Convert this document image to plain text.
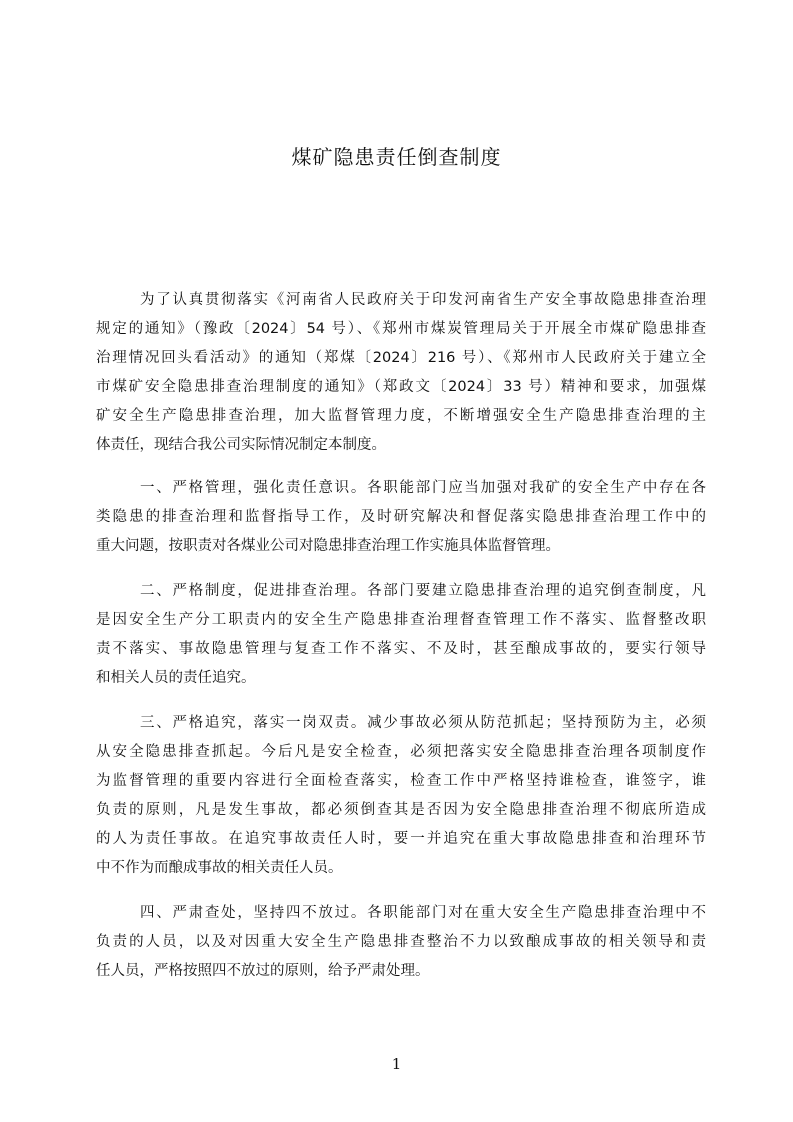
煤矿隐患责任倒查制度
为了认真贯彻落实《河南省人民政府关于印发河南省生产安全事故隐患排查治理
规定的通知》（豫政〔2024〕54 号）、《郑州市煤炭管理局关于开展全市煤矿隐患排查
治理情况回头看活动》的通知（郑煤〔2024〕216 号）、《郑州市人民政府关于建立全
市煤矿安全隐患排查治理制度的通知》（郑政文〔2024〕33 号）精神和要求，加强煤
矿安全生产隐患排查治理，加大监督管理力度，不断增强安全生产隐患排查治理的主
体责任，现结合我公司实际情况制定本制度。
一、严格管理，强化责任意识。各职能部门应当加强对我矿的安全生产中存在各
类隐患的排查治理和监督指导工作，及时研究解决和督促落实隐患排查治理工作中的
重大问题，按职责对各煤业公司对隐患排查治理工作实施具体监督管理。
二、严格制度，促进排查治理。各部门要建立隐患排查治理的追究倒查制度，凡
是因安全生产分工职责内的安全生产隐患排查治理督查管理工作不落实、监督整改职
责不落实、事故隐患管理与复查工作不落实、不及时，甚至酿成事故的，要实行领导
和相关人员的责任追究。
三、严格追究，落实一岗双责。减少事故必须从防范抓起；坚持预防为主，必须
从安全隐患排查抓起。今后凡是安全检查，必须把落实安全隐患排查治理各项制度作
为监督管理的重要内容进行全面检查落实，检查工作中严格坚持谁检查，谁签字，谁
负责的原则，凡是发生事故，都必须倒查其是否因为安全隐患排查治理不彻底所造成
的人为责任事故。在追究事故责任人时，要一并追究在重大事故隐患排查和治理环节
中不作为而酿成事故的相关责任人员。
四、严肃查处，坚持四不放过。各职能部门对在重大安全生产隐患排查治理中不
负责的人员，以及对因重大安全生产隐患排查整治不力以致酿成事故的相关领导和责
任人员，严格按照四不放过的原则，给予严肃处理。
1
